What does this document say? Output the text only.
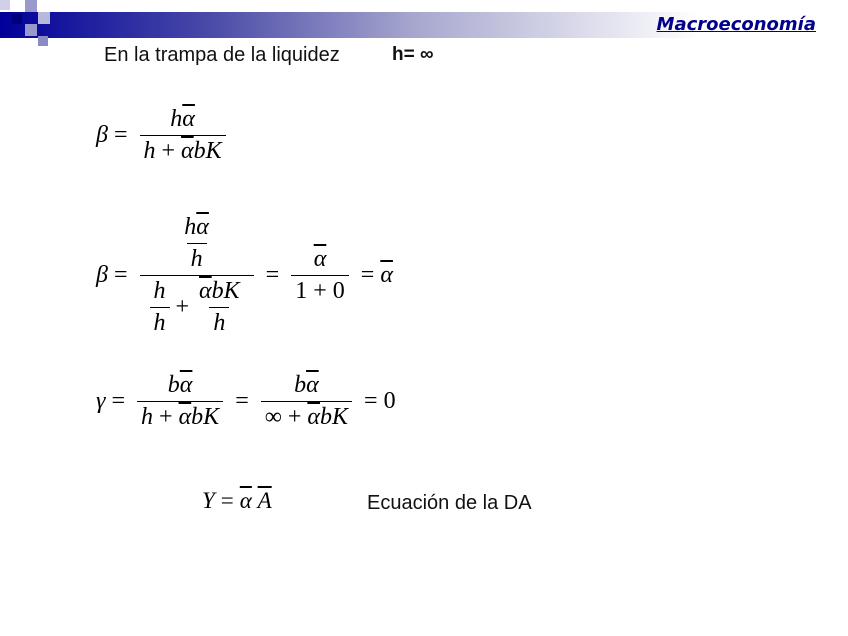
Macroeconomía
En la trampa de la liquidez	h= ∞
$\beta = \frac{h\overline{\alpha}}{h + \overline{\alpha}bK}$
$\beta = \frac{\frac{h\overline{\alpha}}{h}}{\frac{h}{h} + \frac{\overline{\alpha}bK}{h}} = \frac{\overline{\alpha}}{1 + 0} = \overline{\alpha}$
$\gamma = \frac{b\overline{\alpha}}{h + \overline{\alpha}bK} = \frac{b\overline{\alpha}}{\infty + \overline{\alpha}bK} = 0$
$Y = \overline{\alpha}$
$\overline{A}$	Ecuación de la DA
